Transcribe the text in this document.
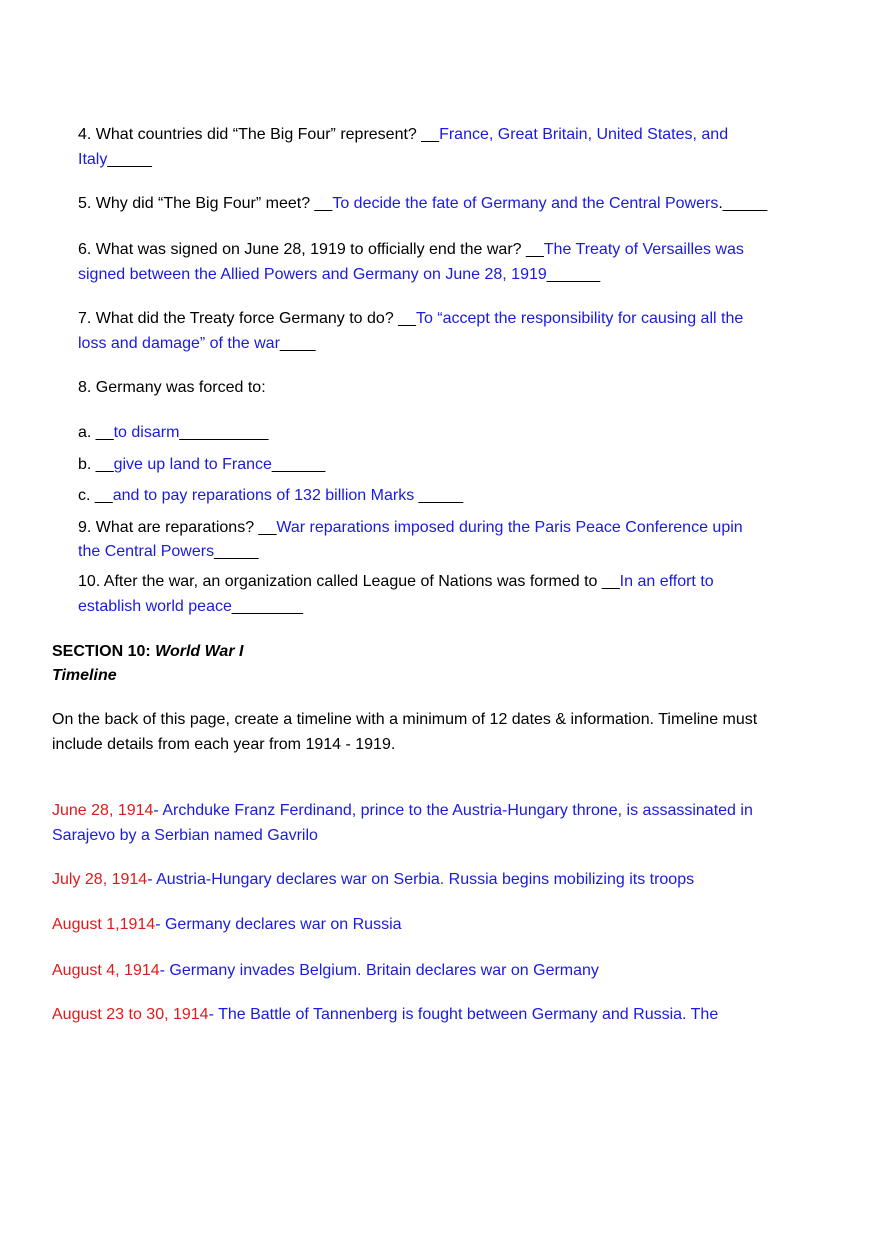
4. What countries did “The Big Four” represent? __France, Great Britain, United States, and

Italy_____

5. Why did “The Big Four” meet? __To decide the fate of Germany and the Central Powers._____

6. What was signed on June 28, 1919 to officially end the war? __The Treaty of Versailles was

signed between the Allied Powers and Germany on June 28, 1919______

7. What did the Treaty force Germany to do? __To “accept the responsibility for causing all the

loss and damage” of the war____

8. Germany was forced to:

a. __to disarm__________

b. __give up land to France______

c. __and to pay reparations of 132 billion Marks _____

9. What are reparations? __War reparations imposed during the Paris Peace Conference upin

the Central Powers_____

10. After the war, an organization called League of Nations was formed to __In an effort to

establish world peace________

SECTION 10: World War I

Timeline

On the back of this page, create a timeline with a minimum of 12 dates & information. Timeline must

include details from each year from 1914 - 1919.

June 28, 1914- Archduke Franz Ferdinand, prince to the Austria-Hungary throne, is assassinated in

Sarajevo by a Serbian named Gavrilo

July 28, 1914- Austria-Hungary declares war on Serbia. Russia begins mobilizing its troops

August 1,1914- Germany declares war on Russia

August 4, 1914- Germany invades Belgium. Britain declares war on Germany

August 23 to 30, 1914- The Battle of Tannenberg is fought between Germany and Russia. The
